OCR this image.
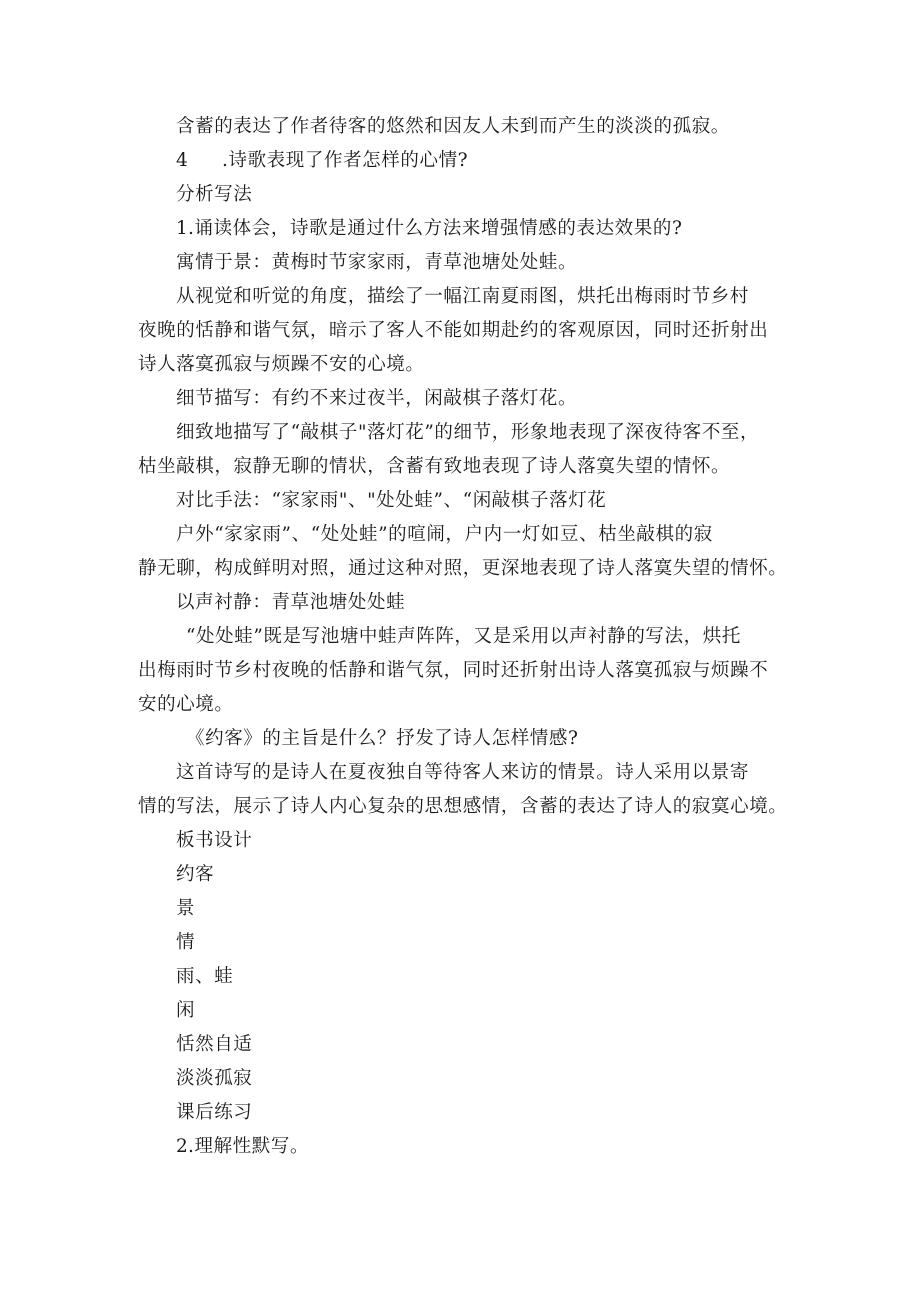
含蓄的表达了作者待客的悠然和因友人未到而产生的淡淡的孤寂。
4 .诗歌表现了作者怎样的心情?
分析写法
1.诵读体会，诗歌是通过什么方法来增强情感的表达效果的?
寓情于景：黄梅时节家家雨，青草池塘处处蛙。
从视觉和听觉的角度，描绘了一幅江南夏雨图，烘托出梅雨时节乡村
夜晚的恬静和谐气氛，暗示了客人不能如期赴约的客观原因，同时还折射出
诗人落寞孤寂与烦躁不安的心境。
细节描写：有约不来过夜半，闲敲棋子落灯花。
细致地描写了“敲棋子"落灯花”的细节，形象地表现了深夜待客不至，
枯坐敲棋，寂静无聊的情状，含蓄有致地表现了诗人落寞失望的情怀。
对比手法：“家家雨"、"处处蛙”、“闲敲棋子落灯花
户外“家家雨”、“处处蛙”的喧闹，户内一灯如豆、枯坐敲棋的寂
静无聊，构成鲜明对照，通过这种对照，更深地表现了诗人落寞失望的情怀。
以声衬静：青草池塘处处蛙
“处处蛙”既是写池塘中蛙声阵阵，又是采用以声衬静的写法，烘托
出梅雨时节乡村夜晚的恬静和谐气氛，同时还折射出诗人落寞孤寂与烦躁不
安的心境。
《约客》的主旨是什么？抒发了诗人怎样情感?
这首诗写的是诗人在夏夜独自等待客人来访的情景。诗人采用以景寄
情的写法，展示了诗人内心复杂的思想感情，含蓄的表达了诗人的寂寞心境。
板书设计
约客
景
情
雨、蛙
闲
恬然自适
淡淡孤寂
课后练习
2.理解性默写。
